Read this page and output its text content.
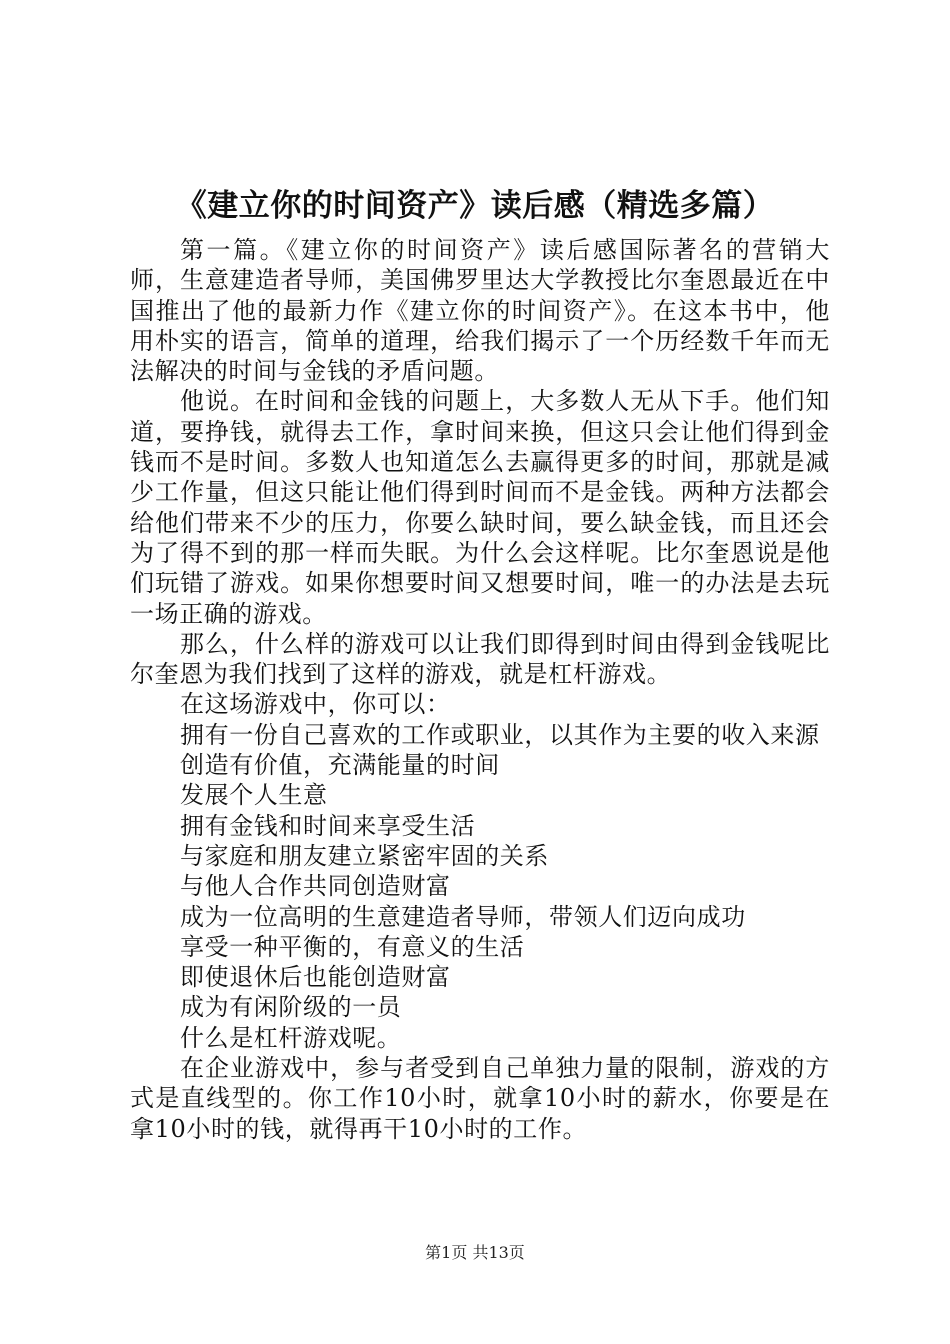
《建立你的时间资产》读后感（精选多篇）

第一篇。《建立你的时间资产》读后感国际著名的营销大师，生意建造者导师，美国佛罗里达大学教授比尔奎恩最近在中国推出了他的最新力作《建立你的时间资产》。在这本书中，他用朴实的语言，简单的道理，给我们揭示了一个历经数千年而无法解决的时间与金钱的矛盾问题。

他说。在时间和金钱的问题上，大多数人无从下手。他们知道，要挣钱，就得去工作，拿时间来换，但这只会让他们得到金钱而不是时间。多数人也知道怎么去赢得更多的时间，那就是减少工作量，但这只能让他们得到时间而不是金钱。两种方法都会给他们带来不少的压力，你要么缺时间，要么缺金钱，而且还会为了得不到的那一样而失眠。为什么会这样呢。比尔奎恩说是他们玩错了游戏。如果你想要时间又想要时间，唯一的办法是去玩一场正确的游戏。

那么，什么样的游戏可以让我们即得到时间由得到金钱呢比尔奎恩为我们找到了这样的游戏，就是杠杆游戏。

在这场游戏中，你可以：

拥有一份自己喜欢的工作或职业，以其作为主要的收入来源

创造有价值，充满能量的时间

发展个人生意

拥有金钱和时间来享受生活

与家庭和朋友建立紧密牢固的关系

与他人合作共同创造财富

成为一位高明的生意建造者导师，带领人们迈向成功

享受一种平衡的，有意义的生活

即使退休后也能创造财富

成为有闲阶级的一员

什么是杠杆游戏呢。

在企业游戏中，参与者受到自己单独力量的限制，游戏的方式是直线型的。你工作10小时，就拿10小时的薪水，你要是在拿10小时的钱，就得再干10小时的工作。

第1页 共13页
